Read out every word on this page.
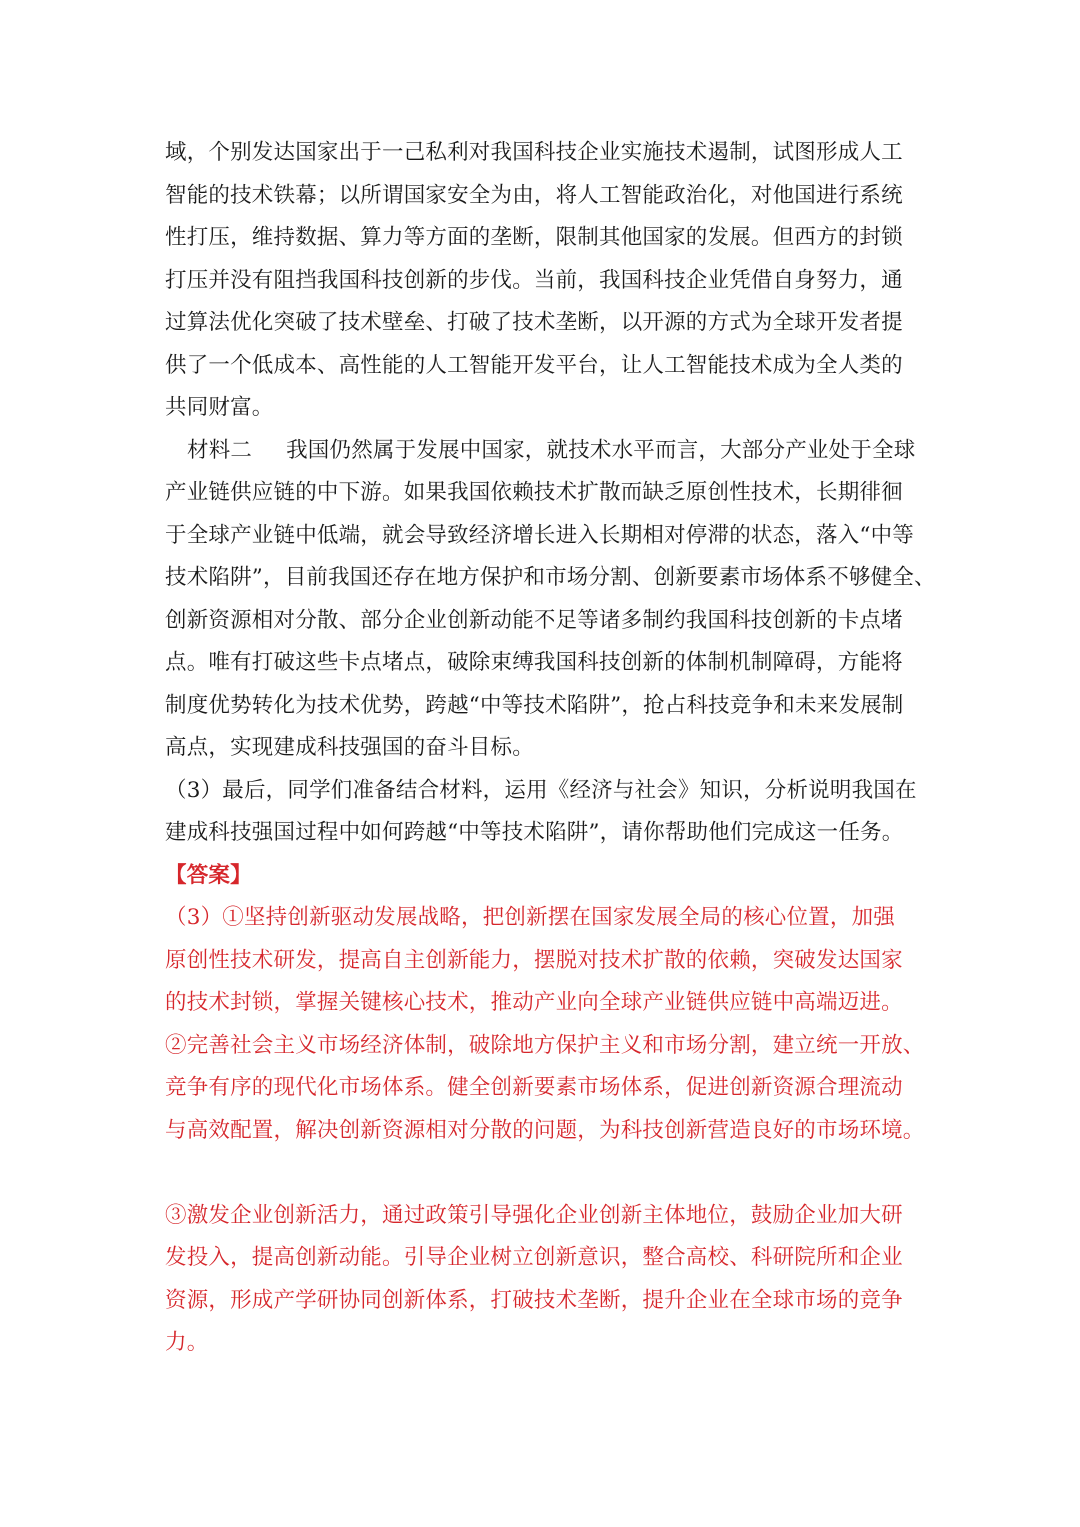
域，个别发达国家出于一己私利对我国科技企业实施技术遏制，试图形成人工
智能的技术铁幕；以所谓国家安全为由，将人工智能政治化，对他国进行系统
性打压，维持数据、算力等方面的垄断，限制其他国家的发展。但西方的封锁
打压并没有阻挡我国科技创新的步伐。当前，我国科技企业凭借自身努力，通
过算法优化突破了技术壁垒、打破了技术垄断，以开源的方式为全球开发者提
供了一个低成本、高性能的人工智能开发平台，让人工智能技术成为全人类的
共同财富。
材料二 我国仍然属于发展中国家，就技术水平而言，大部分产业处于全球
产业链供应链的中下游。如果我国依赖技术扩散而缺乏原创性技术，长期徘徊
于全球产业链中低端，就会导致经济增长进入长期相对停滞的状态，落入“中等
技术陷阱”，目前我国还存在地方保护和市场分割、创新要素市场体系不够健全、
创新资源相对分散、部分企业创新动能不足等诸多制约我国科技创新的卡点堵
点。唯有打破这些卡点堵点，破除束缚我国科技创新的体制机制障碍，方能将
制度优势转化为技术优势，跨越“中等技术陷阱”，抢占科技竞争和未来发展制
高点，实现建成科技强国的奋斗目标。
（3）最后，同学们准备结合材料，运用《经济与社会》知识，分析说明我国在
建成科技强国过程中如何跨越“中等技术陷阱”，请你帮助他们完成这一任务。
【答案】
（3）①坚持创新驱动发展战略，把创新摆在国家发展全局的核心位置，加强
原创性技术研发，提高自主创新能力，摆脱对技术扩散的依赖，突破发达国家
的技术封锁，掌握关键核心技术，推动产业向全球产业链供应链中高端迈进。
②完善社会主义市场经济体制，破除地方保护主义和市场分割，建立统一开放、
竞争有序的现代化市场体系。健全创新要素市场体系，促进创新资源合理流动
与高效配置，解决创新资源相对分散的问题，为科技创新营造良好的市场环境。
③激发企业创新活力，通过政策引导强化企业创新主体地位，鼓励企业加大研
发投入，提高创新动能。引导企业树立创新意识，整合高校、科研院所和企业
资源，形成产学研协同创新体系，打破技术垄断，提升企业在全球市场的竞争
力。
